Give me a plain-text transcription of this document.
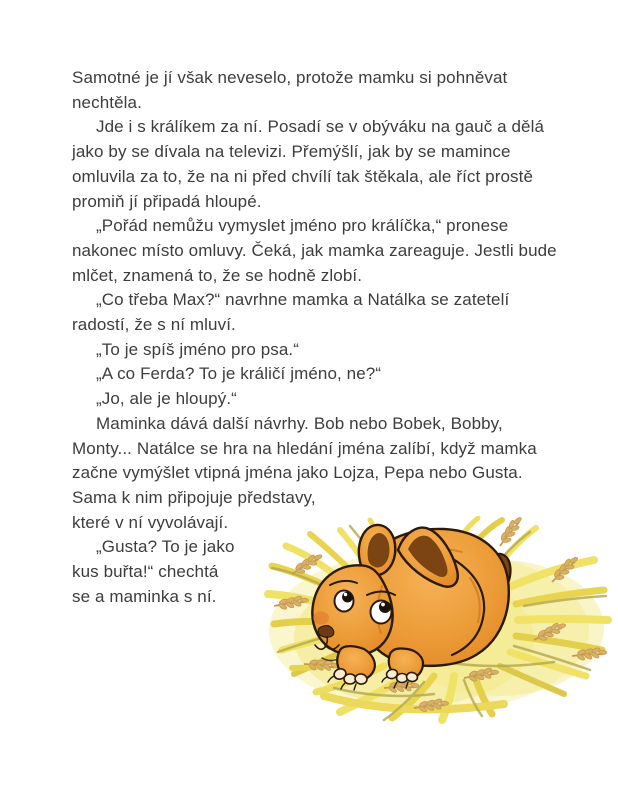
Samotné je jí však neveselo, protože mamku si pohněvat
nechtěla.
Jde i s králíkem za ní. Posadí se v obýváku na gauč a dělá
jako by se dívala na televizi. Přemýšlí, jak by se mamince
omluvila za to, že na ni před chvílí tak štěkala, ale říct prostě
promiň jí připadá hloupé.
„Pořád nemůžu vymyslet jméno pro králíčka,“ pronese
nakonec místo omluvy. Čeká, jak mamka zareaguje. Jestli bude
mlčet, znamená to, že se hodně zlobí.
„Co třeba Max?“ navrhne mamka a Natálka se zatetelí
radostí, že s ní mluví.
„To je spíš jméno pro psa.“
„A co Ferda? To je králičí jméno, ne?“
„Jo, ale je hloupý.“
Maminka dává další návrhy. Bob nebo Bobek, Bobby,
Monty... Natálce se hra na hledání jména zalíbí, když mamka
začne vymýšlet vtipná jména jako Lojza, Pepa nebo Gusta.
Sama k nim připojuje představy,
které v ní vyvolávají.
„Gusta? To je jako
kus buřta!“ chechtá
se a maminka s ní.
